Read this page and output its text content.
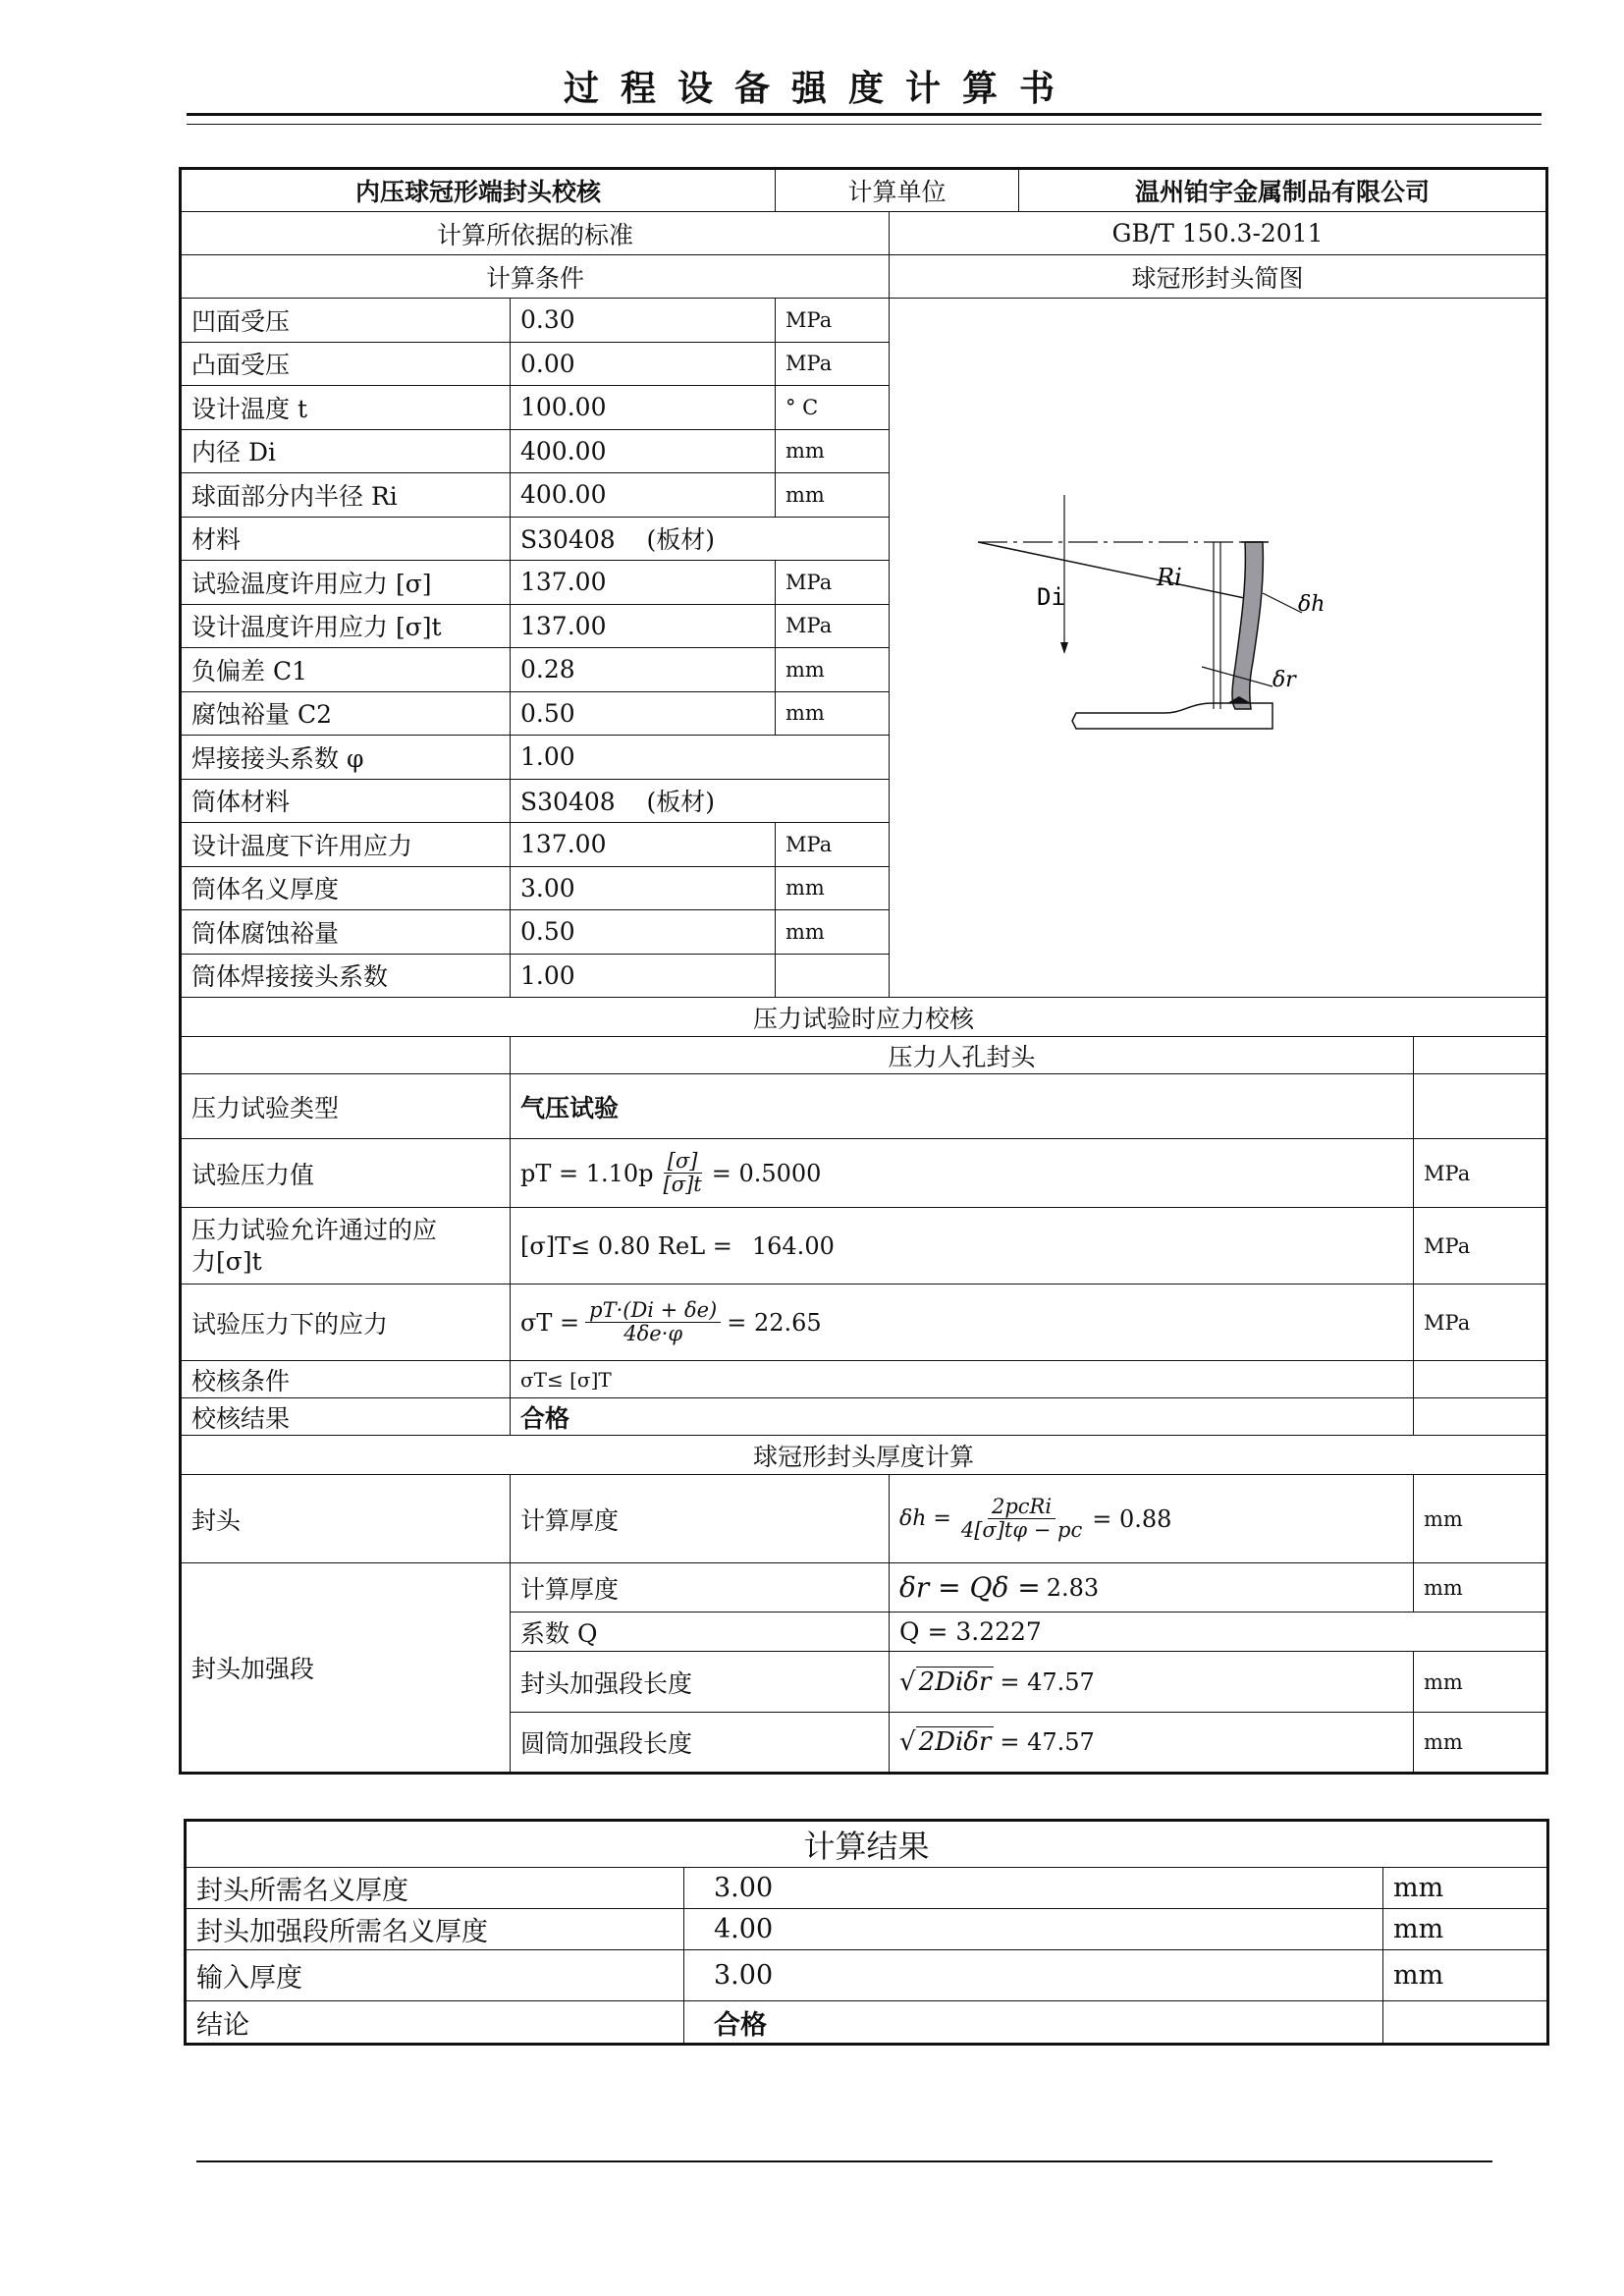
过程设备强度计算书
内压球冠形端封头校核		计算单位		温州铂宇金属制品有限公司	
计算所依据的标准			GB/T 150.3-2011		
计算条件			球冠形封头简图		
凹面受压	0.30	MPa	Di
Ri
δh
δr		

凸面受压	0.00	MPa			
设计温度 t	100.00	° C			
内径 Di	400.00	mm			
球面部分内半径 Ri	400.00	mm			
材料	S30408    (板材)				
试验温度许用应力 [σ]	137.00	MPa			
设计温度许用应力 [σ]t	137.00	MPa			
负偏差 C1	0.28	mm			
腐蚀裕量 C2	0.50	mm			
焊接接头系数 φ	1.00				
筒体材料	S30408    (板材)				
设计温度下许用应力	137.00	MPa			
筒体名义厚度	3.00	mm			
筒体腐蚀裕量	0.50	mm			
筒体焊接接头系数	1.00				
压力试验时应力校核					
	压力人孔封头				
压力试验类型	气压试验				
试验压力值	pT = $1.10p \frac{[\sigma]}{[\sigma]t} = 0.5000$				MPa
压力试验允许通过的应
力[σ]t	[σ]T≤ 0.80 ReL = 164.00				MPa
试验压力下的应力	$\sigma T = \frac{pT\cdot(Di + \delta e)}{4\delta e\cdot\varphi} = 22.65$				MPa
校核条件	σT≤ [σ]T				
校核结果	合格				
球冠形封头厚度计算					
封头	计算厚度		$\delta h = \frac{\text{2pcRi}}{4[\sigma]t\varphi - pc} = 0.88$		mm
封头加强段	计算厚度		δr = Qδ = 2.83		mm
	系数 Q		Q = 3.2227		
	封头加强段长度		√ 2Diδr = 47.57		mm
	圆筒加强段长度		√ 2Diδr = 47.57		mm
计算结果		
封头所需名义厚度	3.00	mm
封头加强段所需名义厚度	4.00	mm
输入厚度	3.00	mm
结论	合格	
